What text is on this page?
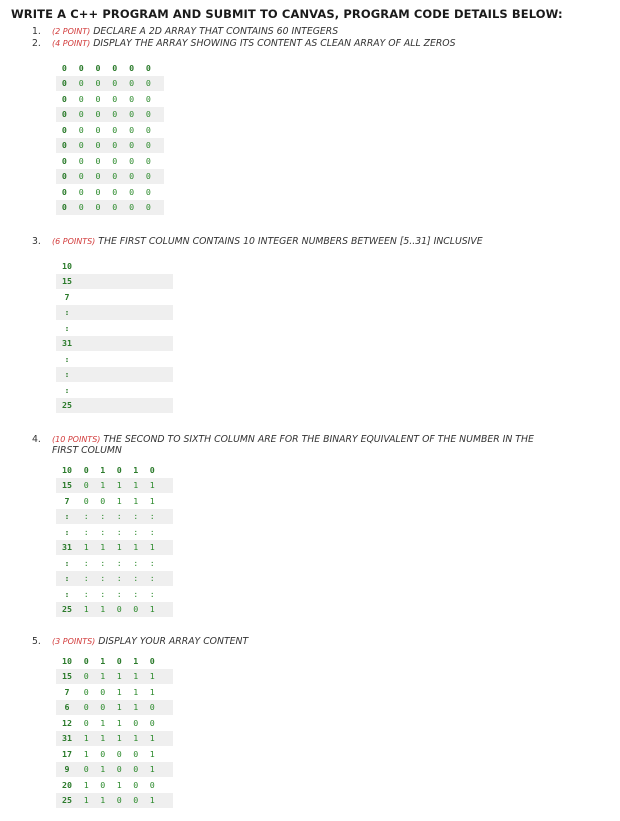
WRITE A C++ PROGRAM AND SUBMIT TO CANVAS, PROGRAM CODE DETAILS BELOW:
1. (2 POINT) DECLARE A 2D ARRAY THAT CONTAINS 60 INTEGERS
2. (4 POINT) DISPLAY THE ARRAY SHOWING ITS CONTENT AS CLEAN ARRAY OF ALL ZEROS
0	0	0	0	0	0
0	0	0	0	0	0
0	0	0	0	0	0
0	0	0	0	0	0
0	0	0	0	0	0
0	0	0	0	0	0
0	0	0	0	0	0
0	0	0	0	0	0
0	0	0	0	0	0
0	0	0	0	0	0
3. (6 POINTS) THE FIRST COLUMN CONTAINS 10 INTEGER NUMBERS BETWEEN [5..31] INCLUSIVE
10
15
7
:
:
31
:
:
:
25
4. (10 POINTS) THE SECOND TO SIXTH COLUMN ARE FOR THE BINARY EQUIVALENT OF THE NUMBER IN THE
FIRST COLUMN
10	0	1	0	1	0
15	0	1	1	1	1
7	0	0	1	1	1
:	:	:	:	:	:
:	:	:	:	:	:
31	1	1	1	1	1
:	:	:	:	:	:
:	:	:	:	:	:
:	:	:	:	:	:
25	1	1	0	0	1
5. (3 POINTS) DISPLAY YOUR ARRAY CONTENT
10	0	1	0	1	0
15	0	1	1	1	1
7	0	0	1	1	1
6	0	0	1	1	0
12	0	1	1	0	0
31	1	1	1	1	1
17	1	0	0	0	1
9	0	1	0	0	1
20	1	0	1	0	0
25	1	1	0	0	1
